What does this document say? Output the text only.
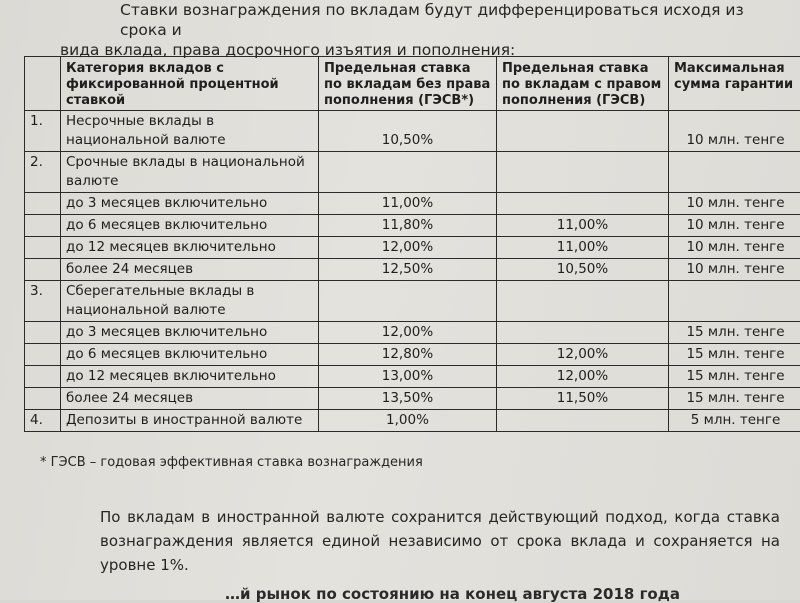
Ставки вознаграждения по вкладам будут дифференцироваться исходя из срока и
вида вклада, права досрочного изъятия и пополнения:
	Категория вкладов с фиксированной процентной ставкой	Предельная ставка по вкладам без права пополнения (ГЭСВ*)	Предельная ставка по вкладам с правом пополнения (ГЭСВ)	Максимальная сумма гарантии
1.	Несрочные вклады в национальной валюте	10,50%		10 млн. тенге
2.	Срочные вклады в национальной валюте			
	до 3 месяцев включительно	11,00%		10 млн. тенге
	до 6 месяцев включительно	11,80%	11,00%	10 млн. тенге
	до 12 месяцев включительно	12,00%	11,00%	10 млн. тенге
	более 24 месяцев	12,50%	10,50%	10 млн. тенге
3.	Сберегательные вклады в национальной валюте			
	до 3 месяцев включительно	12,00%		15 млн. тенге
	до 6 месяцев включительно	12,80%	12,00%	15 млн. тенге
	до 12 месяцев включительно	13,00%	12,00%	15 млн. тенге
	более 24 месяцев	13,50%	11,50%	15 млн. тенге
4.	Депозиты в иностранной валюте	1,00%		5 млн. тенге
* ГЭСВ – годовая эффективная ставка вознаграждения
По вкладам в иностранной валюте сохранится действующий подход, когда ставка вознаграждения является единой независимо от срока вклада и сохраняется на уровне 1%.
…й рынок по состоянию на конец августа 2018 года
